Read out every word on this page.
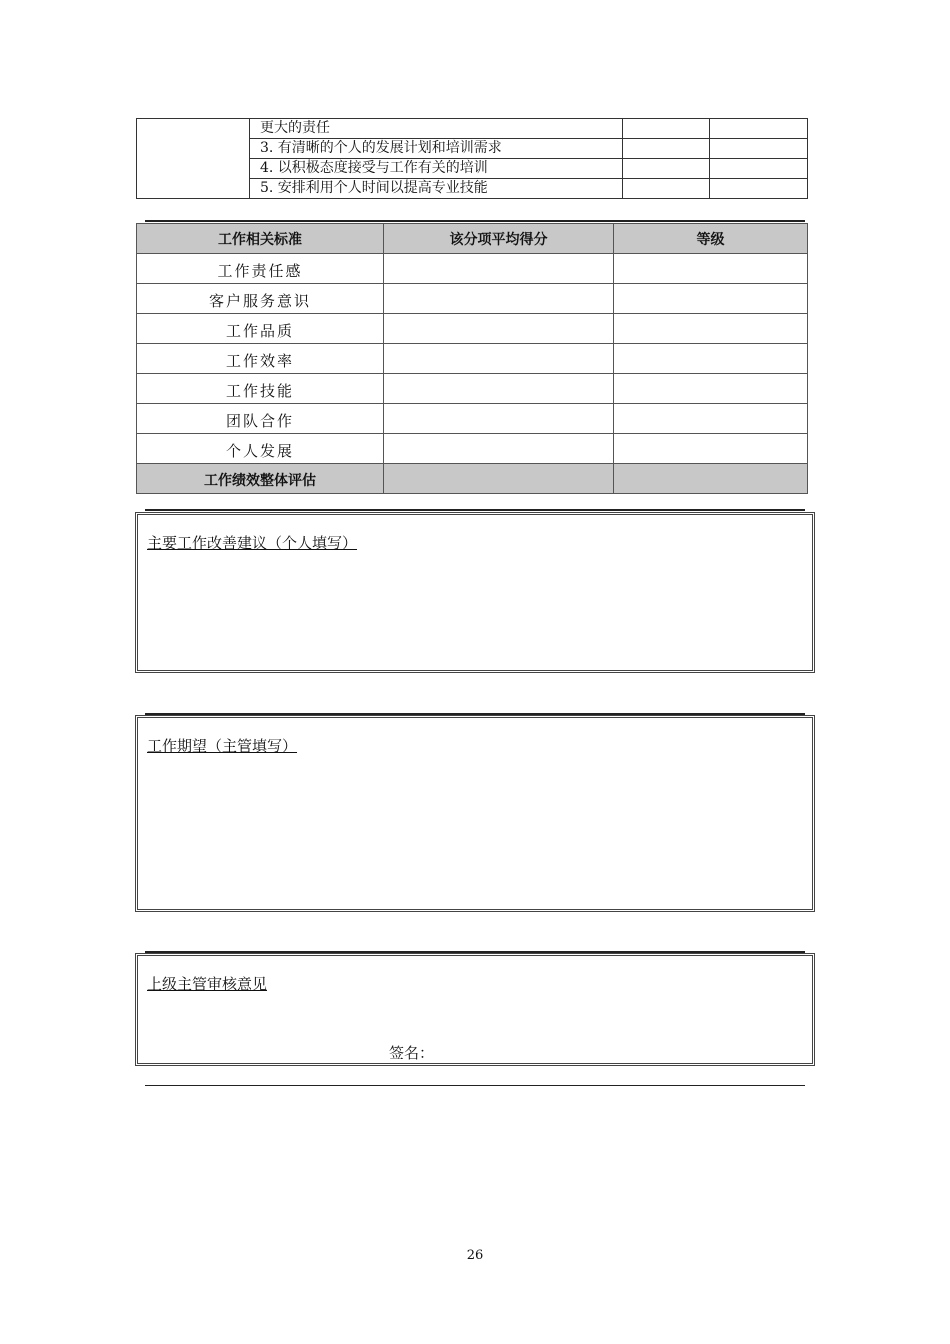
	更大的责任		
	3. 有清晰的个人的发展计划和培训需求		
	4. 以积极态度接受与工作有关的培训		
	5. 安排利用个人时间以提高专业技能		
工作相关标准	该分项平均得分	等级
工作责任感		
客户服务意识		
工作品质		
工作效率		
工作技能		
团队合作		
个人发展		
工作绩效整体评估		
主要工作改善建议（个人填写）
工作期望（主管填写）
上级主管审核意见
签名：
26
